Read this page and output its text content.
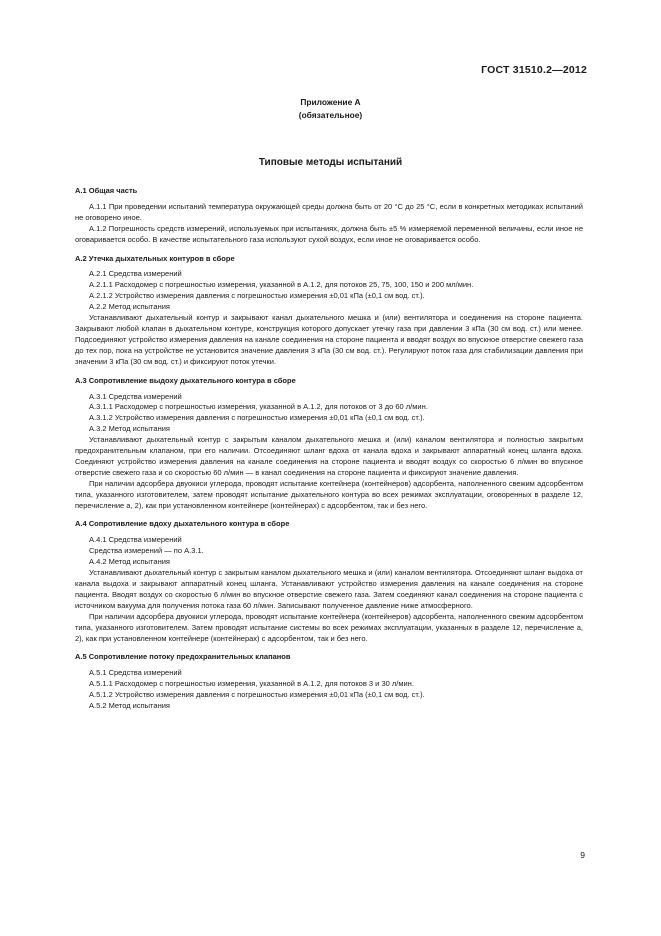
ГОСТ 31510.2—2012
Приложение А
(обязательное)
Типовые методы испытаний

А.1 Общая часть

А.1.1 При проведении испытаний температура окружающей среды должна быть от 20 °С до 25 °С, если в конкретных методиках испытаний не оговорено иное.

А.1.2 Погрешность средств измерений, используемых при испытаниях, должна быть ±5 % измеряемой переменной величины, если иное не оговаривается особо. В качестве испытательного газа используют сухой воздух, если иное не оговаривается особо.

А.2 Утечка дыхательных контуров в сборе

А.2.1 Средства измерений

А.2.1.1 Расходомер с погрешностью измерения, указанной в А.1.2, для потоков 25, 75, 100, 150 и 200 мл/мин.

А.2.1.2 Устройство измерения давления с погрешностью измерения ±0,01 кПа (±0,1 см вод. ст.).

А.2.2 Метод испытания

Устанавливают дыхательный контур и закрывают канал дыхательного мешка и (или) вентилятора и соединения на стороне пациента. Закрывают любой клапан в дыхательном контуре, конструкция которого допускает утечку газа при давлении 3 кПа (30 см вод. ст.) или менее. Подсоединяют устройство измерения давления на канале соединения на стороне пациента и вводят воздух во впускное отверстие свежего газа до тех пор, пока на устройстве не установится значение давления 3 кПа (30 см вод. ст.). Регулируют поток газа для стабилизации давления при значении 3 кПа (30 см вод. ст.) и фиксируют поток утечки.

А.3 Сопротивление выдоху дыхательного контура в сборе

А.3.1 Средства измерений

А.3.1.1 Расходомер с погрешностью измерения, указанной в А.1.2, для потоков от 3 до 60 л/мин.

А.3.1.2 Устройство измерения давления с погрешностью измерения ±0,01 кПа (±0,1 см вод. ст.).

А.3.2 Метод испытания

Устанавливают дыхательный контур с закрытым каналом дыхательного мешка и (или) каналом вентилятора и полностью закрытым предохранительным клапаном, при его наличии. Отсоединяют шланг вдоха от канала вдоха и закрывают аппаратный конец шланга вдоха. Соединяют устройство измерения давления на канале соединения на стороне пациента и вводят воздух со скоростью 6 л/мин во впускное отверстие свежего газа и со скоростью 60 л/мин — в канал соединения на стороне пациента и фиксируют значение давления.

При наличии адсорбера двуокиси углерода, проводят испытание контейнера (контейнеров) адсорбента, наполненного свежим адсорбентом типа, указанного изготовителем, затем проводят испытание дыхательного контура во всех режимах эксплуатации, оговоренных в разделе 12, перечисление а, 2), как при установленном контейнере (контейнерах) с адсорбентом, так и без него.

А.4 Сопротивление вдоху дыхательного контура в сборе

А.4.1 Средства измерений

Средства измерений — по А.3.1.

А.4.2 Метод испытания

Устанавливают дыхательный контур с закрытым каналом дыхательного мешка и (или) каналом вентилятора. Отсоединяют шланг выдоха от канала выдоха и закрывают аппаратный конец шланга. Устанавливают устройство измерения давления на канале соединения на стороне пациента. Вводят воздух со скоростью 6 л/мин во впускное отверстие свежего газа. Затем соединяют канал соединения на стороне пациента с источником вакуума для получения потока газа 60 л/мин. Записывают полученное давление ниже атмосферного.

При наличии адсорбера двуокиси углерода, проводят испытание контейнера (контейнеров) адсорбента, наполненного свежим адсорбентом типа, указанного изготовителем. Затем проводят испытание системы во всех режимах эксплуатации, указанных в разделе 12, перечисление а, 2), как при установленном контейнере (контейнерах) с адсорбентом, так и без него.

А.5 Сопротивление потоку предохранительных клапанов

А.5.1 Средства измерений

А.5.1.1 Расходомер с погрешностью измерения, указанной в А.1.2, для потоков 3 и 30 л/мин.

А.5.1.2 Устройство измерения давления с погрешностью измерения ±0,01 кПа (±0,1 см вод. ст.).

А.5.2 Метод испытания

9
